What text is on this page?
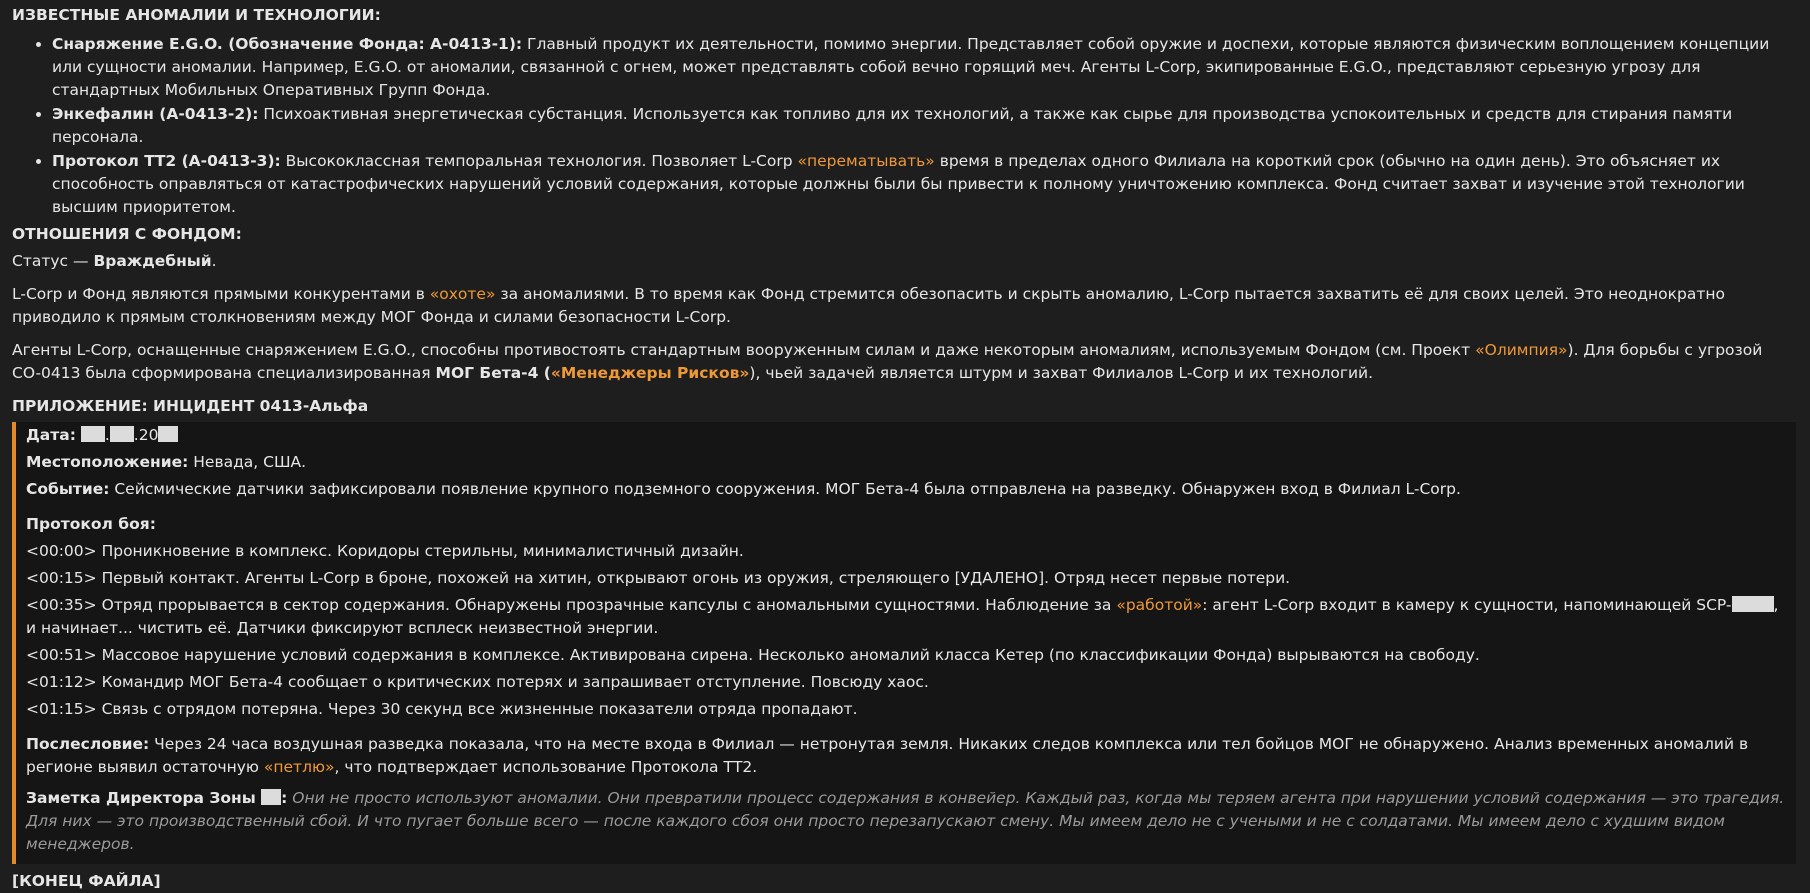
ИЗВЕСТНЫЕ АНОМАЛИИ И ТЕХНОЛОГИИ:
• Снаряжение E.G.O. (Обозначение Фонда: A-0413-1): Главный продукт их деятельности, помимо энергии. Представляет собой оружие и доспехи, которые являются физическим воплощением концепции или сущности аномалии. Например, E.G.O. от аномалии, связанной с огнем, может представлять собой вечно горящий меч. Агенты L-Corp, экипированные E.G.O., представляют серьезную угрозу для стандартных Мобильных Оперативных Групп Фонда.
• Энкефалин (A-0413-2): Психоактивная энергетическая субстанция. Используется как топливо для их технологий, а также как сырье для производства успокоительных и средств для стирания памяти персонала.
• Протокол ТТ2 (A-0413-3): Высококлассная темпоральная технология. Позволяет L-Corp «перематывать» время в пределах одного Филиала на короткий срок (обычно на один день). Это объясняет их способность оправляться от катастрофических нарушений условий содержания, которые должны были бы привести к полному уничтожению комплекса. Фонд считает захват и изучение этой технологии высшим приоритетом.
ОТНОШЕНИЯ С ФОНДОМ:

Статус — Враждебный.

L-Corp и Фонд являются прямыми конкурентами в «охоте» за аномалиями. В то время как Фонд стремится обезопасить и скрыть аномалию, L-Corp пытается захватить её для своих целей. Это неоднократно приводило к прямым столкновениям между МОГ Фонда и силами безопасности L-Corp.

Агенты L-Corp, оснащенные снаряжением E.G.O., способны противостоять стандартным вооруженным силам и даже некоторым аномалиям, используемым Фондом (см. Проект «Олимпия»). Для борьбы с угрозой CO-0413 была сформирована специализированная МОГ Бета-4 («Менеджеры Рисков»), чьей задачей является штурм и захват Филиалов L-Corp и их технологий.

ПРИЛОЖЕНИЕ: ИНЦИДЕНТ 0413-Альфа
Дата: . .20
Местоположение: Невада, США.
Событие: Сейсмические датчики зафиксировали появление крупного подземного сооружения. МОГ Бета-4 была отправлена на разведку. Обнаружен вход в Филиал L-Corp.
Протокол боя:
<00:00> Проникновение в комплекс. Коридоры стерильны, минималистичный дизайн.
<00:15> Первый контакт. Агенты L-Corp в броне, похожей на хитин, открывают огонь из оружия, стреляющего [УДАЛЕНО]. Отряд несет первые потери.
<00:35> Отряд прорывается в сектор содержания. Обнаружены прозрачные капсулы с аномальными сущностями. Наблюдение за «работой»: агент L-Corp входит в камеру к сущности, напоминающей SCP-	, и начинает... чистить её. Датчики фиксируют всплеск неизвестной энергии.
<00:51> Массовое нарушение условий содержания в комплексе. Активирована сирена. Несколько аномалий класса Кетер (по классификации Фонда) вырываются на свободу.
<01:12> Командир МОГ Бета-4 сообщает о критических потерях и запрашивает отступление. Повсюду хаос.
<01:15> Связь с отрядом потеряна. Через 30 секунд все жизненные показатели отряда пропадают.
Послесловие: Через 24 часа воздушная разведка показала, что на месте входа в Филиал — нетронутая земля. Никаких следов комплекса или тел бойцов МОГ не обнаружено. Анализ временных аномалий в регионе выявил остаточную «петлю», что подтверждает использование Протокола ТТ2.
Заметка Директора Зоны : Они не просто используют аномалии. Они превратили процесс содержания в конвейер. Каждый раз, когда мы теряем агента при нарушении условий содержания — это трагедия. Для них — это производственный сбой. И что пугает больше всего — после каждого сбоя они просто перезапускают смену. Мы имеем дело не с учеными и не с солдатами. Мы имеем дело с худшим видом менеджеров.
[КОНЕЦ ФАЙЛА]
